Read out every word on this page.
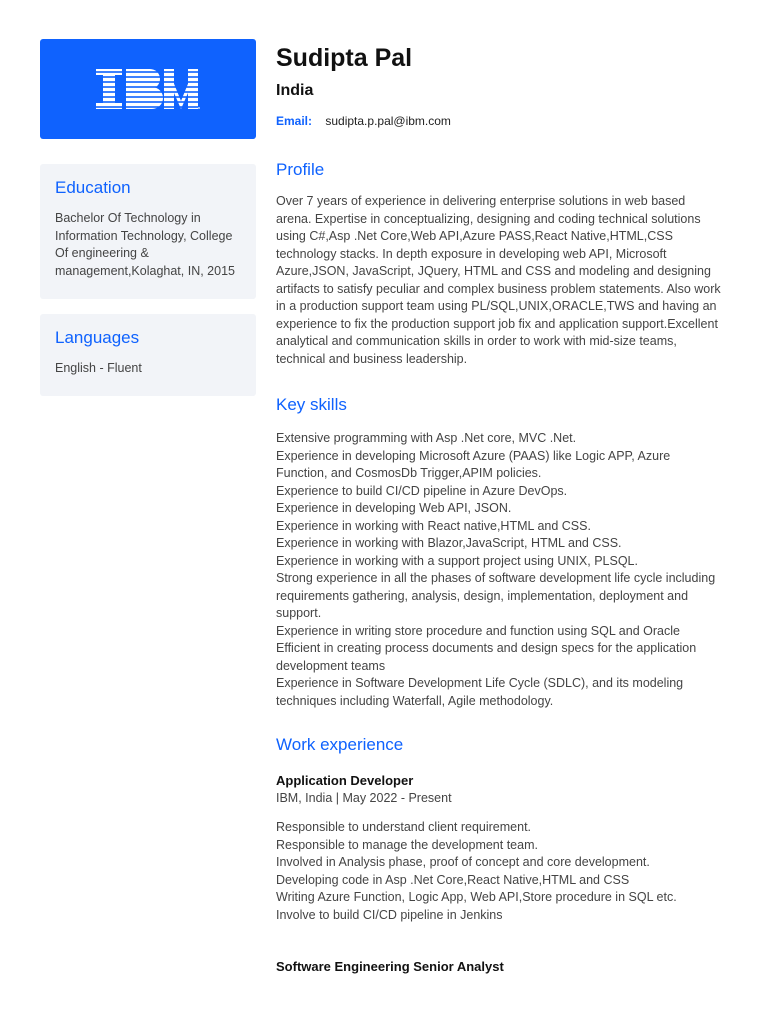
Education

Bachelor Of Technology in Information Technology, College Of engineering & management,Kolaghat, IN, 2015

Languages

English - Fluent

Sudipta Pal
India
Email: sudipta.p.pal@ibm.com
Profile

Over 7 years of experience in delivering enterprise solutions in web based arena. Expertise in conceptualizing, designing and coding technical solutions using C#,Asp .Net Core,Web API,Azure PASS,React Native,HTML,CSS technology stacks. In depth exposure in developing web API, Microsoft Azure,JSON, JavaScript, JQuery, HTML and CSS and modeling and designing artifacts to satisfy peculiar and complex business problem statements. Also work in a production support team using PL/SQL,UNIX,ORACLE,TWS and having an experience to fix the production support job fix and application support.Excellent analytical and communication skills in order to work with mid-size teams, technical and business leadership.

Key skills
Extensive programming with Asp .Net core, MVC .Net.
Experience in developing Microsoft Azure (PAAS) like Logic APP, Azure Function, and CosmosDb Trigger,APIM policies.
Experience to build CI/CD pipeline in Azure DevOps.
Experience in developing Web API, JSON.
Experience in working with React native,HTML and CSS.
Experience in working with Blazor,JavaScript, HTML and CSS.
Experience in working with a support project using UNIX, PLSQL.
Strong experience in all the phases of software development life cycle including requirements gathering, analysis, design, implementation, deployment and support.
Experience in writing store procedure and function using SQL and Oracle
Efficient in creating process documents and design specs for the application development teams
Experience in Software Development Life Cycle (SDLC), and its modeling techniques including Waterfall, Agile methodology.
Work experience

Application Developer

IBM, India | May 2022 - Present

Responsible to understand client requirement.
Responsible to manage the development team.
Involved in Analysis phase, proof of concept and core development.
Developing code in Asp .Net Core,React Native,HTML and CSS
Writing Azure Function, Logic App, Web API,Store procedure in SQL etc.
Involve to build CI/CD pipeline in Jenkins

Software Engineering Senior Analyst
